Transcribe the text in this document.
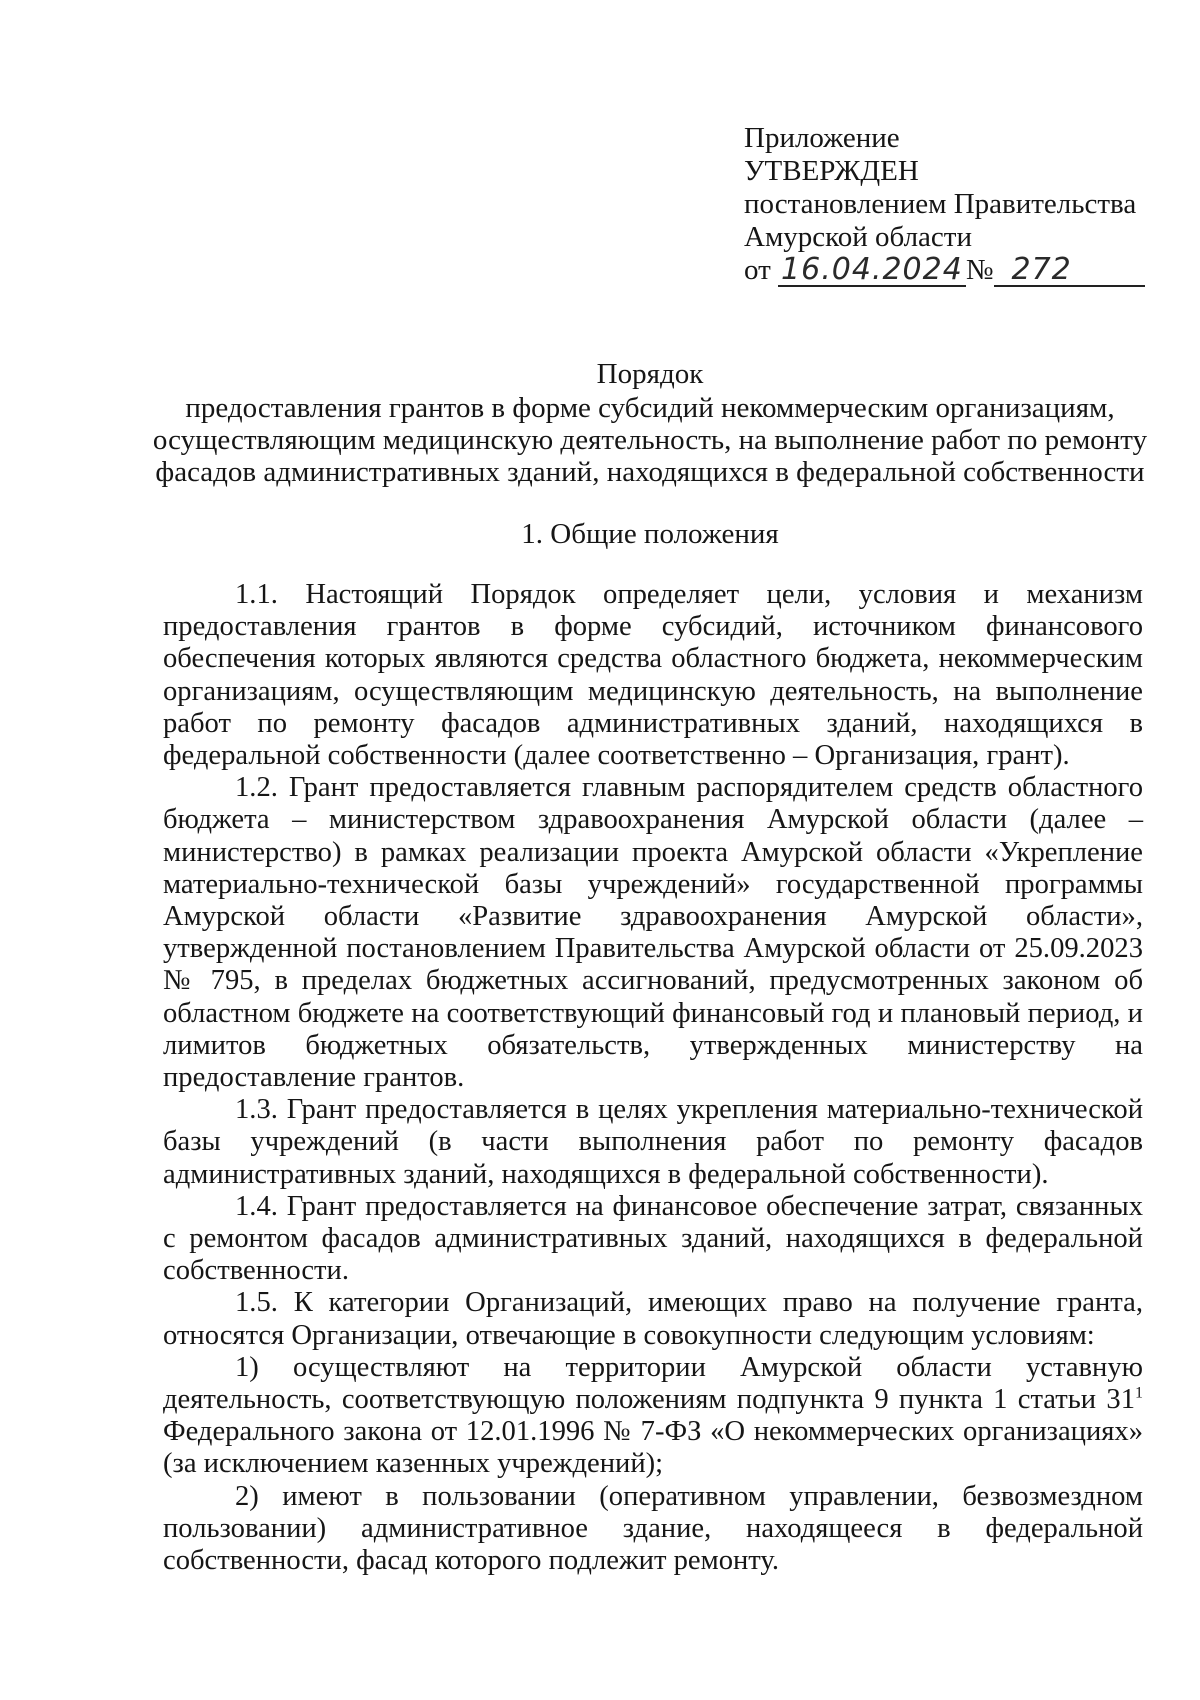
Приложение
УТВЕРЖДЕН
постановлением Правительства
Амурской области
от 16.04.2024 № 272
Порядок
предоставления грантов в форме субсидий некоммерческим организациям, осуществляющим медицинскую деятельность, на выполнение работ по ремонту фасадов административных зданий, находящихся в федеральной собственности
1. Общие положения

1.1. Настоящий Порядок определяет цели, условия и механизм предоставления грантов в форме субсидий, источником финансового обеспечения которых являются средства областного бюджета, некоммерческим организациям, осуществляющим медицинскую деятельность, на выполнение работ по ремонту фасадов административных зданий, находящихся в федеральной собственности (далее соответственно – Организация, грант).

1.2. Грант предоставляется главным распорядителем средств областного бюджета – министерством здравоохранения Амурской области (далее – министерство) в рамках реализации проекта Амурской области «Укрепление материально-технической базы учреждений» государственной программы Амурской области «Развитие здравоохранения Амурской области», утвержденной постановлением Правительства Амурской области от 25.09.2023 № 795, в пределах бюджетных ассигнований, предусмотренных законом об областном бюджете на соответствующий финансовый год и плановый период, и лимитов бюджетных обязательств, утвержденных министерству на предоставление грантов.

1.3. Грант предоставляется в целях укрепления материально-технической базы учреждений (в части выполнения работ по ремонту фасадов административных зданий, находящихся в федеральной собственности).

1.4. Грант предоставляется на финансовое обеспечение затрат, связанных с ремонтом фасадов административных зданий, находящихся в федеральной собственности.

1.5. К категории Организаций, имеющих право на получение гранта, относятся Организации, отвечающие в совокупности следующим условиям:

1) осуществляют на территории Амурской области уставную деятельность, соответствующую положениям подпункта 9 пункта 1 статьи $31^1$ Федерального закона от 12.01.1996 № 7-ФЗ «О некоммерческих организациях» (за исключением казенных учреждений);

2) имеют в пользовании (оперативном управлении, безвозмездном пользовании) административное здание, находящееся в федеральной собственности, фасад которого подлежит ремонту.
